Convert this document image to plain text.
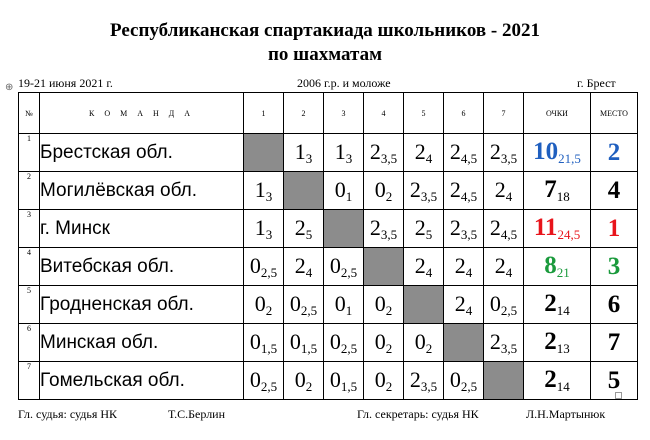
Республиканская спартакиада школьников - 2021
по шахматам
⊕ 19-21 июня 2021 г.	2006 г.р. и моложе	г. Брест
№	К О М А Н Д А	1	2	3	4	5	6	7	ОЧКИ	МЕСТО
1	Брестская обл.		$1_3$	$1_3$	$2_{3,5}$	$2_4$	$2_{4,5}$	$2_{3,5}$	$10_{21,5}$	2
2	Могилёвская обл.	$1_3$		$0_1$	$0_2$	$2_{3,5}$	$2_{4,5}$	$2_4$	$7_{18}$	4
3	г. Минск	$1_3$	$2_5$		$2_{3,5}$	$2_5$	$2_{3,5}$	$2_{4,5}$	$11_{24,5}$	1
4	Витебская обл.	$0_{2,5}$	$2_4$	$0_{2,5}$		$2_4$	$2_4$	$2_4$	$8_{21}$	3
5	Гродненская обл.	$0_2$	$0_{2,5}$	$0_1$	$0_2$		$2_4$	$0_{2,5}$	$2_{14}$	6
6	Минская обл.	$0_{1,5}$	$0_{1,5}$	$0_{2,5}$	$0_2$	$0_2$		$2_{3,5}$	$2_{13}$	7
7	Гомельская обл.	$0_{2,5}$	$0_2$	$0_{1,5}$	$0_2$	$2_{3,5}$	$0_{2,5}$		$2_{14}$	5
Гл. судья: судья НК	Т.С.Берлин	Гл. секретарь: судья НК	Л.Н.Мартынюк
